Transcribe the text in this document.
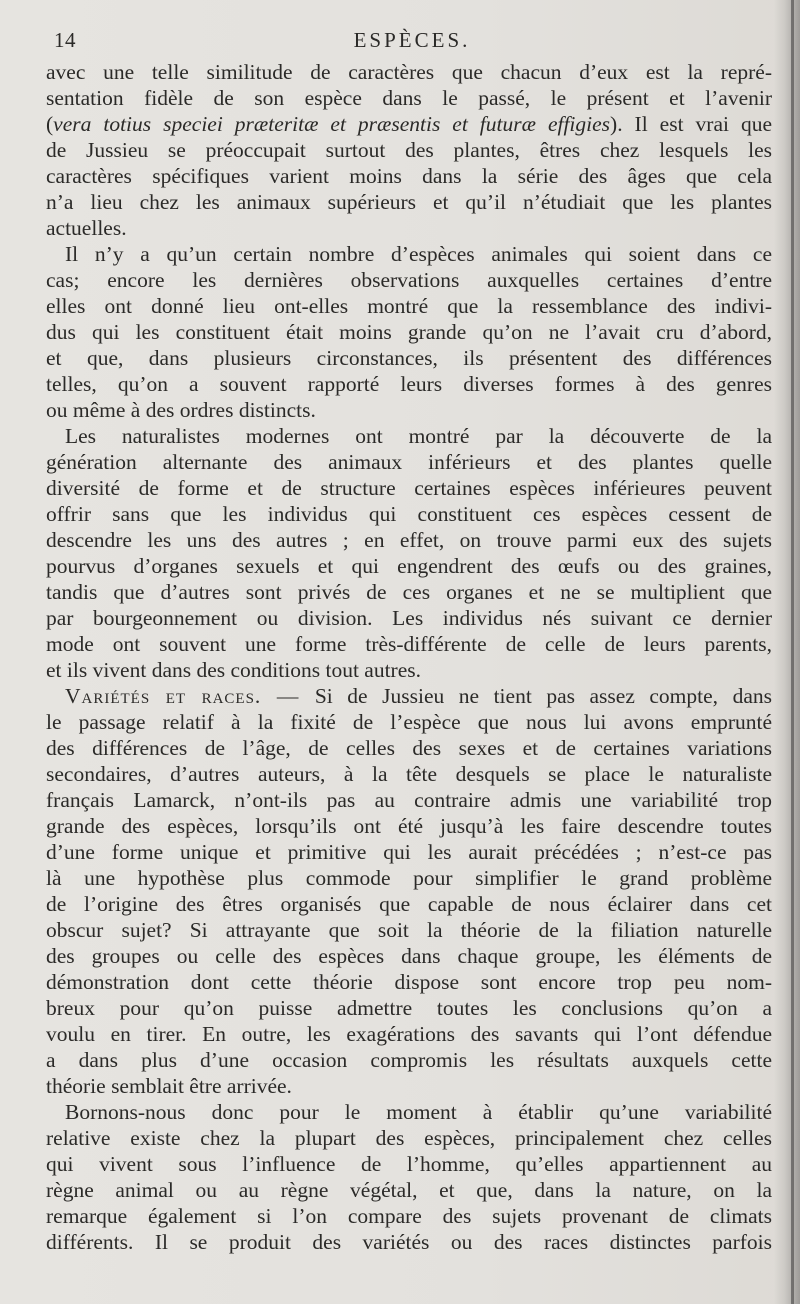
14	ESPÈCES.
avec une telle similitude de caractères que chacun d’eux est la repré-
sentation fidèle de son espèce dans le passé, le présent et l’avenir
(vera totius speciei præteritæ et præsentis et futuræ effigies). Il est vrai que
de Jussieu se préoccupait surtout des plantes, êtres chez lesquels les
caractères spécifiques varient moins dans la série des âges que cela
n’a lieu chez les animaux supérieurs et qu’il n’étudiait que les plantes
actuelles.
Il n’y a qu’un certain nombre d’espèces animales qui soient dans ce
cas; encore les dernières observations auxquelles certaines d’entre
elles ont donné lieu ont-elles montré que la ressemblance des indivi-
dus qui les constituent était moins grande qu’on ne l’avait cru d’abord,
et que, dans plusieurs circonstances, ils présentent des différences
telles, qu’on a souvent rapporté leurs diverses formes à des genres
ou même à des ordres distincts.
Les naturalistes modernes ont montré par la découverte de la
génération alternante des animaux inférieurs et des plantes quelle
diversité de forme et de structure certaines espèces inférieures peuvent
offrir sans que les individus qui constituent ces espèces cessent de
descendre les uns des autres ; en effet, on trouve parmi eux des sujets
pourvus d’organes sexuels et qui engendrent des œufs ou des graines,
tandis que d’autres sont privés de ces organes et ne se multiplient que
par bourgeonnement ou division. Les individus nés suivant ce dernier
mode ont souvent une forme très-différente de celle de leurs parents,
et ils vivent dans des conditions tout autres.
Variétés et races. — Si de Jussieu ne tient pas assez compte, dans
le passage relatif à la fixité de l’espèce que nous lui avons emprunté
des différences de l’âge, de celles des sexes et de certaines variations
secondaires, d’autres auteurs, à la tête desquels se place le naturaliste
français Lamarck, n’ont-ils pas au contraire admis une variabilité trop
grande des espèces, lorsqu’ils ont été jusqu’à les faire descendre toutes
d’une forme unique et primitive qui les aurait précédées ; n’est-ce pas
là une hypothèse plus commode pour simplifier le grand problème
de l’origine des êtres organisés que capable de nous éclairer dans cet
obscur sujet? Si attrayante que soit la théorie de la filiation naturelle
des groupes ou celle des espèces dans chaque groupe, les éléments de
démonstration dont cette théorie dispose sont encore trop peu nom-
breux pour qu’on puisse admettre toutes les conclusions qu’on a
voulu en tirer. En outre, les exagérations des savants qui l’ont défendue
a dans plus d’une occasion compromis les résultats auxquels cette
théorie semblait être arrivée.
Bornons-nous donc pour le moment à établir qu’une variabilité
relative existe chez la plupart des espèces, principalement chez celles
qui vivent sous l’influence de l’homme, qu’elles appartiennent au
règne animal ou au règne végétal, et que, dans la nature, on la
remarque également si l’on compare des sujets provenant de climats
différents. Il se produit des variétés ou des races distinctes parfois
